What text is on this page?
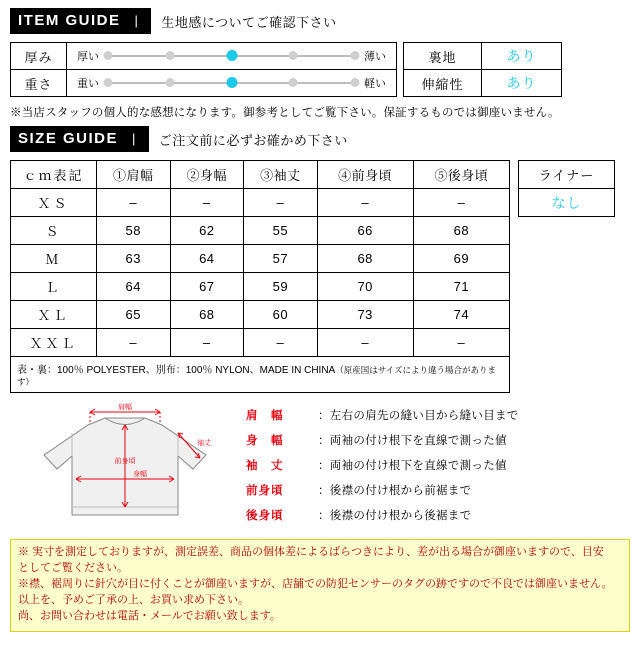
ITEM GUIDE | 生地感についてご確認下さい
厚み	厚い 薄い

重さ	重い 軽い
裏地	あり
伸縮性	あり
※当店スタッフの個人的な感想になります。御参考としてご覧下さい。保証するものでは御座いません。
SIZE GUIDE | ご注文前に必ずお確かめ下さい
ｃｍ表記	①肩幅	②身幅	③袖丈	④前身頃	⑤後身頃
ＸＳ	–	–	–	–	–
Ｓ	58	62	55	66	68
Ｍ	63	64	57	68	69
Ｌ	64	67	59	70	71
ＸＬ	65	68	60	73	74
ＸＸＬ	–	–	–	–	–
表・裏：100％ POLYESTER、別布：100％ NYLON、MADE IN CHINA（原産国はサイズにより違う場合があります）					
ライナー
なし
肩幅
前身頃
袖丈
身幅
肩　幅	：左右の肩先の縫い目から縫い目まで
身　幅	：両袖の付け根下を直線で測った値
袖　丈	：両袖の付け根下を直線で測った値
前身頃	：後襟の付け根から前裾まで
後身頃	：後襟の付け根から後裾まで

※ 実寸を測定しておりますが、測定誤差、商品の個体差によるばらつきにより、差が出る場合が御座いますので、目安

としてご覧ください。

※襟、裾周りに針穴が目に付くことが御座いますが、店舗での防犯センサーのタグの跡ですので不良では御座いません。

以上を、予めご了承の上、お買い求め下さい。

尚、お問い合わせは電話・メールでお願い致します。
